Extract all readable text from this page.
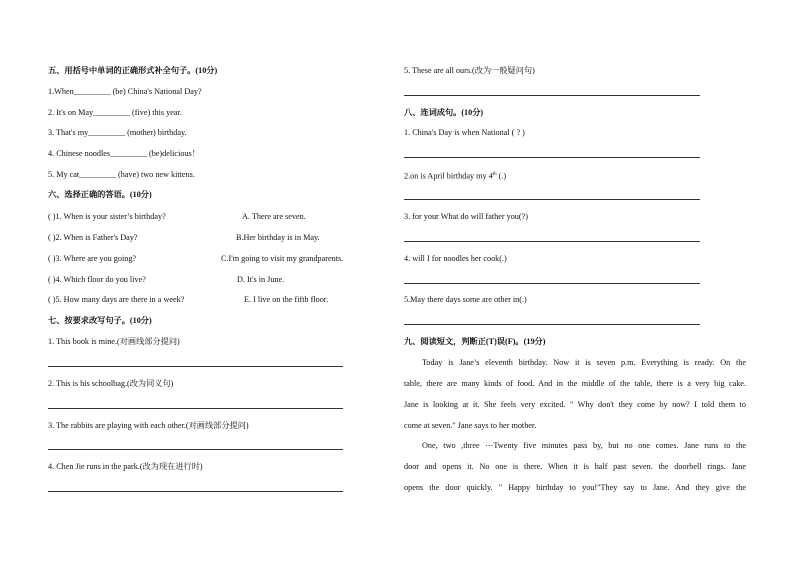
五、用括号中单词的正确形式补全句子。(10分)
1.When_________ (be) China's National Day?
2. It's on May_________ (five) this year.
3. That's my_________ (mother) birthday.
4. Chinese noodles_________ (be)delicious！
5. My cat_________ (have) two new kittens.
六、选择正确的答语。(10分)
( )1. When is your sister’s birthday?	A. There are seven.
( )2. When is Father's Day?	B.Her birthday is in May.
( )3. Where are you going?	C.I'm going to visit my grandparents.
( )4. Which floor do you live?	D. It's in June.
( )5. How many days are there in a week?	E. I live on the fifth floor.
七、按要求改写句子。(10分)
1. This book is mine.(对画线部分提问)
2. This is his schoolbag.(改为同义句)
3. The rabbits are playing with each other.(对画线部分提问)
4. Chen Jie runs in the park.(改为现在进行时)
5. These are all ours.(改为一般疑问句)
八、连词成句。(10分)
1. China's Day is when National ( ? )
2.on is April birthday my 4th (.)
3. for your What do will father you(?)
4. will I for noodles her cook(.)
5.May there days some are other in(.)
九、阅读短文，判断正(T)误(F)。(19分)
Today is Jane’s eleventh birthday. Now it is seven p.m. Everything is ready. On the
table, there are many kinds of food. And in the middle of the table, there is a very big cake.
Jane is looking at it. She feels very excited. " Why don't they come by now? I told them to
come at seven." Jane says to her mother.
One, two ,three ⋯Twenty five minutes pass by, but no one comes. Jane runs to the
door and opens it. No one is there. When it is half past seven. the doorbell rings. Jane
opens the door quickly. " Happy birthday to you!"They say to Jane. And they give the
